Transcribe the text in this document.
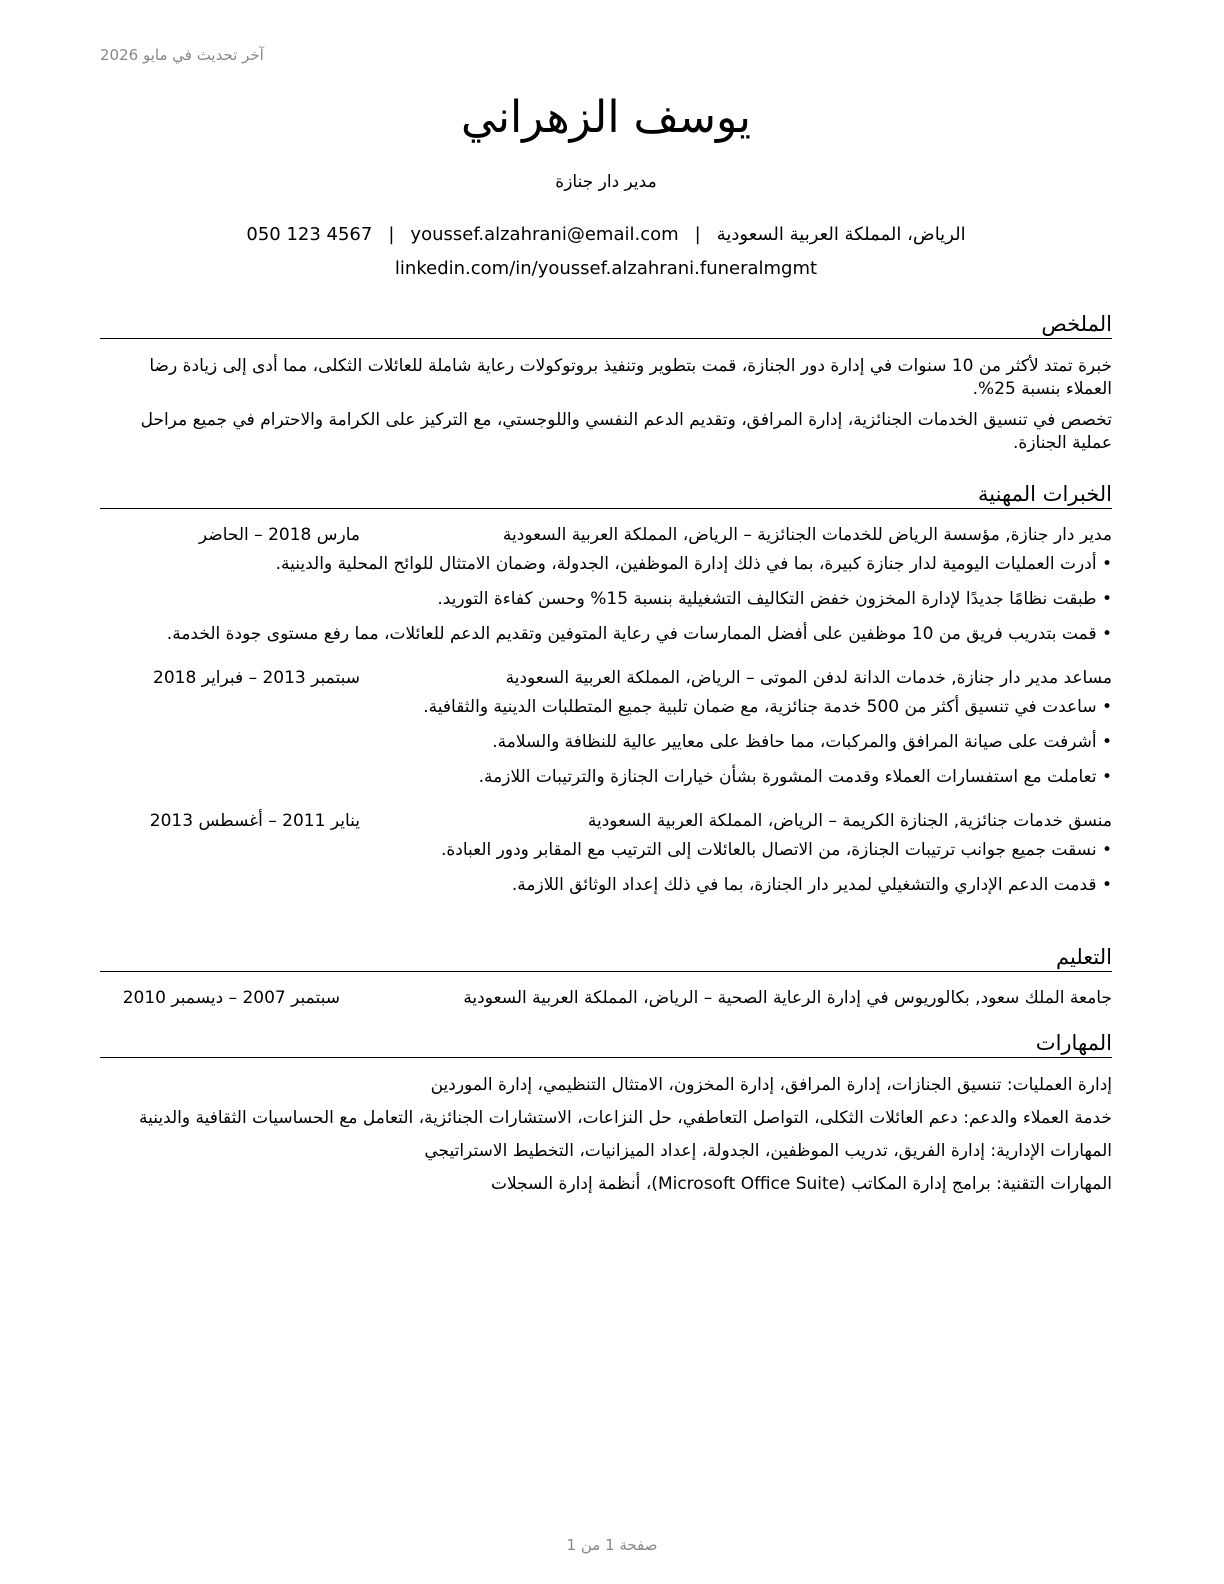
آخر تحديث في مايو 2026
يوسف الزهراني
مدير دار جنازة
050 123 4567 | youssef.alzahrani@email.com | الرياض، المملكة العربية السعودية
linkedin.com/in/youssef.alzahrani.funeralmgmt
الملخص
خبرة تمتد لأكثر من 10 سنوات في إدارة دور الجنازة، قمت بتطوير وتنفيذ بروتوكولات رعاية شاملة للعائلات الثكلى، مما أدى إلى زيادة رضا العملاء بنسبة 25%.
تخصص في تنسيق الخدمات الجنائزية، إدارة المرافق، وتقديم الدعم النفسي واللوجستي، مع التركيز على الكرامة والاحترام في جميع مراحل عملية الجنازة.
الخبرات المهنية
مدير دار جنازة, مؤسسة الرياض للخدمات الجنائزية – الرياض، المملكة العربية السعودية
مارس 2018 – الحاضر
• أدرت العمليات اليومية لدار جنازة كبيرة، بما في ذلك إدارة الموظفين، الجدولة، وضمان الامتثال للوائح المحلية والدينية.
• طبقت نظامًا جديدًا لإدارة المخزون خفض التكاليف التشغيلية بنسبة 15% وحسن كفاءة التوريد.
• قمت بتدريب فريق من 10 موظفين على أفضل الممارسات في رعاية المتوفين وتقديم الدعم للعائلات، مما رفع مستوى جودة الخدمة.
مساعد مدير دار جنازة, خدمات الدانة لدفن الموتى – الرياض، المملكة العربية السعودية
سبتمبر 2013 – فبراير 2018
• ساعدت في تنسيق أكثر من 500 خدمة جنائزية، مع ضمان تلبية جميع المتطلبات الدينية والثقافية.
• أشرفت على صيانة المرافق والمركبات، مما حافظ على معايير عالية للنظافة والسلامة.
• تعاملت مع استفسارات العملاء وقدمت المشورة بشأن خيارات الجنازة والترتيبات اللازمة.
منسق خدمات جنائزية, الجنازة الكريمة – الرياض، المملكة العربية السعودية
يناير 2011 – أغسطس 2013
• نسقت جميع جوانب ترتيبات الجنازة، من الاتصال بالعائلات إلى الترتيب مع المقابر ودور العبادة.
• قدمت الدعم الإداري والتشغيلي لمدير دار الجنازة، بما في ذلك إعداد الوثائق اللازمة.
التعليم
جامعة الملك سعود, بكالوريوس في إدارة الرعاية الصحية – الرياض، المملكة العربية السعودية
سبتمبر 2007 – ديسمبر 2010
المهارات
إدارة العمليات: تنسيق الجنازات، إدارة المرافق، إدارة المخزون، الامتثال التنظيمي، إدارة الموردين
خدمة العملاء والدعم: دعم العائلات الثكلى، التواصل التعاطفي، حل النزاعات، الاستشارات الجنائزية، التعامل مع الحساسيات الثقافية والدينية
المهارات الإدارية: إدارة الفريق، تدريب الموظفين، الجدولة، إعداد الميزانيات، التخطيط الاستراتيجي
المهارات التقنية: برامج إدارة المكاتب (Microsoft Office Suite)، أنظمة إدارة السجلات
صفحة 1 من 1
